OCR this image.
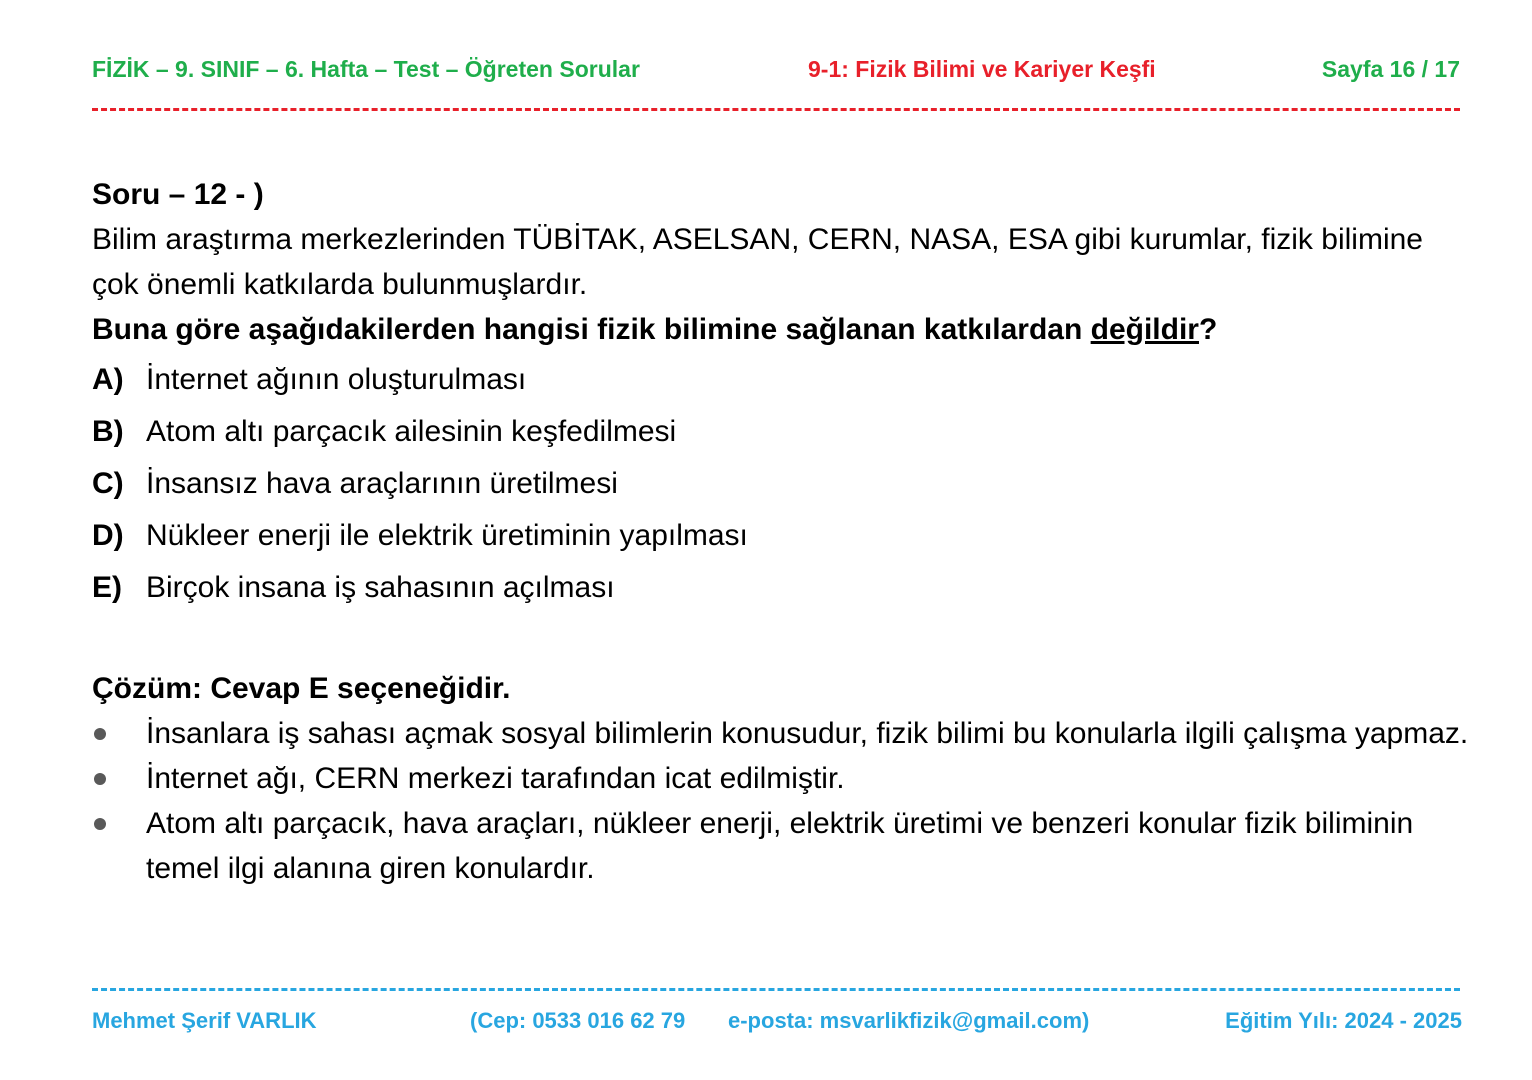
FİZİK – 9. SINIF – 6. Hafta – Test – Öğreten Sorular	9-1: Fizik Bilimi ve Kariyer Keşfi	Sayfa 16 / 17

Soru – 12 - )

Bilim araştırma merkezlerinden TÜBİTAK, ASELSAN, CERN, NASA, ESA gibi kurumlar, fizik bilimine çok önemli katkılarda bulunmuşlardır.

Buna göre aşağıdakilerden hangisi fizik bilimine sağlanan katkılardan değildir?

A) İnternet ağının oluşturulması
B) Atom altı parçacık ailesinin keşfedilmesi
C) İnsansız hava araçlarının üretilmesi
D) Nükleer enerji ile elektrik üretiminin yapılması
E) Birçok insana iş sahasının açılması

Çözüm: Cevap E seçeneğidir.

İnsanlara iş sahası açmak sosyal bilimlerin konusudur, fizik bilimi bu konularla ilgili çalışma yapmaz.
İnternet ağı, CERN merkezi tarafından icat edilmiştir.
Atom altı parçacık, hava araçları, nükleer enerji, elektrik üretimi ve benzeri konular fizik biliminin temel ilgi alanına giren konulardır.
Mehmet Şerif VARLIK	(Cep: 0533 016 62 79 e-posta: msvarlikfizik@gmail.com)	Eğitim Yılı: 2024 - 2025
